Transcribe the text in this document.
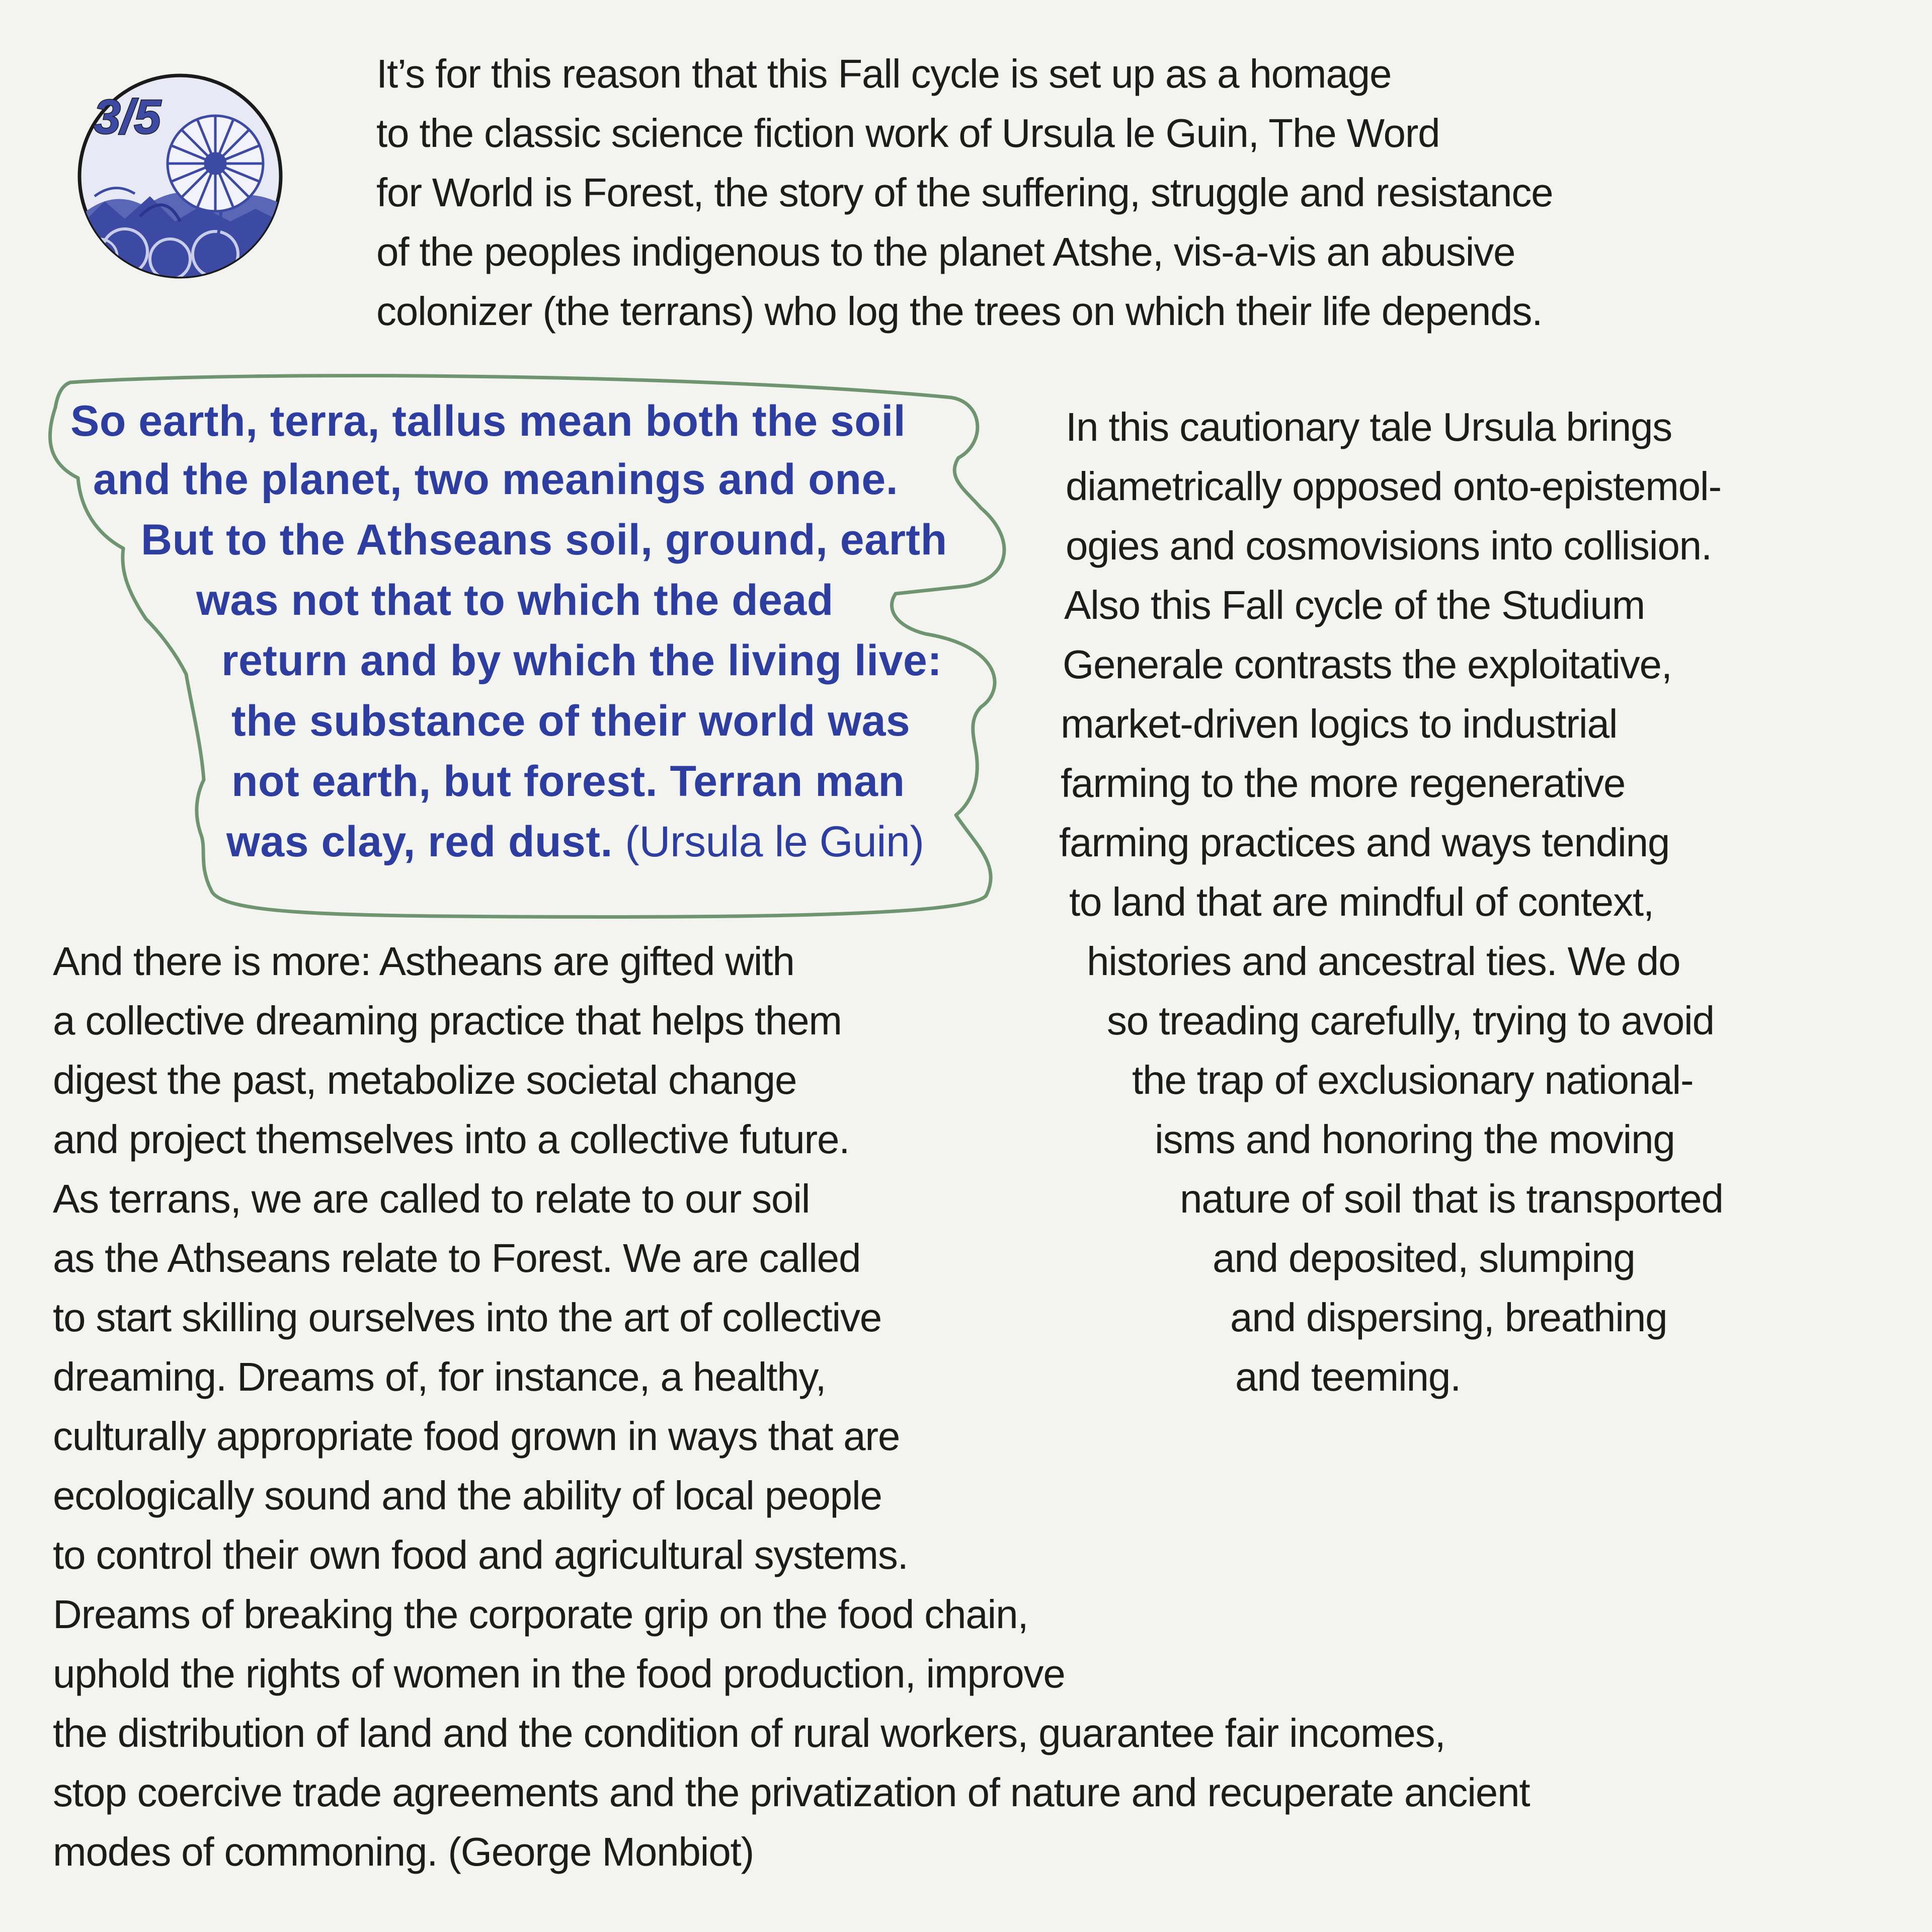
3/5
It’s for this reason that this Fall cycle is set up as a homage
to the classic science fiction work of Ursula le Guin, The Word
for World is Forest, the story of the suffering, struggle and resistance
of the peoples indigenous to the planet Atshe, vis-a-vis an abusive
colonizer (the terrans) who log the trees on which their life depends.
So earth, terra, tallus mean both the soil
and the planet, two meanings and one.
But to the Athseans soil, ground, earth
was not that to which the dead
return and by which the living live:
the substance of their world was
not earth, but forest. Terran man
was clay, red dust. (Ursula le Guin)
In this cautionary tale Ursula brings
diametrically opposed onto-epistemol-
ogies and cosmovisions into collision.
Also this Fall cycle of the Studium
Generale contrasts the exploitative,
market-driven logics to industrial
farming to the more regenerative
farming practices and ways tending
to land that are mindful of context,
histories and ancestral ties. We do
so treading carefully, trying to avoid
the trap of exclusionary national-
isms and honoring the moving
nature of soil that is transported
and deposited, slumping
and dispersing, breathing
and teeming.
And there is more: Astheans are gifted with
a collective dreaming practice that helps them
digest the past, metabolize societal change
and project themselves into a collective future.
As terrans, we are called to relate to our soil
as the Athseans relate to Forest. We are called
to start skilling ourselves into the art of collective
dreaming. Dreams of, for instance, a healthy,
culturally appropriate food grown in ways that are
ecologically sound and the ability of local people
to control their own food and agricultural systems.
Dreams of breaking the corporate grip on the food chain,
uphold the rights of women in the food production, improve
the distribution of land and the condition of rural workers, guarantee fair incomes,
stop coercive trade agreements and the privatization of nature and recuperate ancient
modes of commoning. (George Monbiot)
